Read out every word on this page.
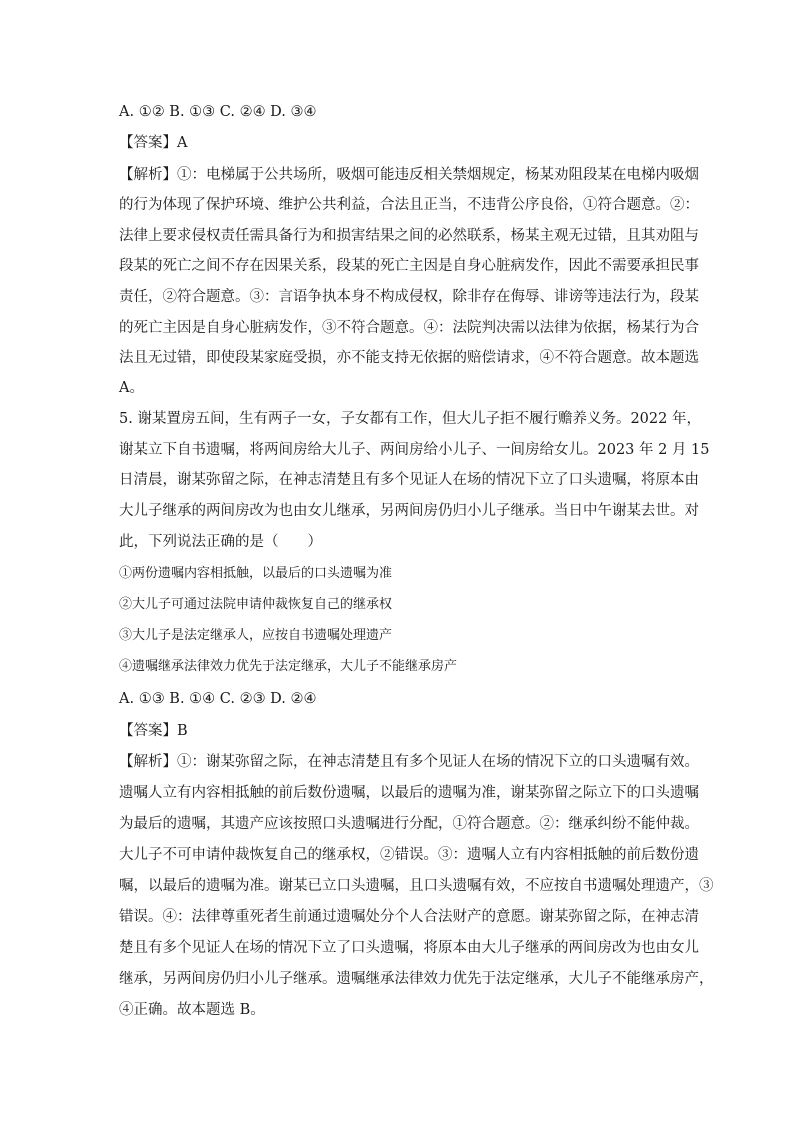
A. ①② B. ①③ C. ②④ D. ③④
【答案】A
【解析】①：电梯属于公共场所，吸烟可能违反相关禁烟规定，杨某劝阻段某在电梯内吸烟
的行为体现了保护环境、维护公共利益，合法且正当，不违背公序良俗，①符合题意。②：
法律上要求侵权责任需具备行为和损害结果之间的必然联系，杨某主观无过错，且其劝阻与
段某的死亡之间不存在因果关系，段某的死亡主因是自身心脏病发作，因此不需要承担民事
责任，②符合题意。③：言语争执本身不构成侵权，除非存在侮辱、诽谤等违法行为，段某
的死亡主因是自身心脏病发作，③不符合题意。④：法院判决需以法律为依据，杨某行为合
法且无过错，即使段某家庭受损，亦不能支持无依据的赔偿请求，④不符合题意。故本题选
A。
5. 谢某置房五间，生有两子一女，子女都有工作，但大儿子拒不履行赡养义务。2022 年，
谢某立下自书遗嘱，将两间房给大儿子、两间房给小儿子、一间房给女儿。2023 年 2 月 15
日清晨，谢某弥留之际，在神志清楚且有多个见证人在场的情况下立了口头遗嘱，将原本由
大儿子继承的两间房改为也由女儿继承，另两间房仍归小儿子继承。当日中午谢某去世。对
此，下列说法正确的是（　　）
①两份遗嘱内容相抵触，以最后的口头遗嘱为准
②大儿子可通过法院申请仲裁恢复自己的继承权
③大儿子是法定继承人，应按自书遗嘱处理遗产
④遗嘱继承法律效力优先于法定继承，大儿子不能继承房产
A. ①③ B. ①④ C. ②③ D. ②④
【答案】B
【解析】①：谢某弥留之际，在神志清楚且有多个见证人在场的情况下立的口头遗嘱有效。
遗嘱人立有内容相抵触的前后数份遗嘱，以最后的遗嘱为准，谢某弥留之际立下的口头遗嘱
为最后的遗嘱，其遗产应该按照口头遗嘱进行分配，①符合题意。②：继承纠纷不能仲裁。
大儿子不可申请仲裁恢复自己的继承权，②错误。③：遗嘱人立有内容相抵触的前后数份遗
嘱，以最后的遗嘱为准。谢某已立口头遗嘱，且口头遗嘱有效，不应按自书遗嘱处理遗产，③
错误。④：法律尊重死者生前通过遗嘱处分个人合法财产的意愿。谢某弥留之际，在神志清
楚且有多个见证人在场的情况下立了口头遗嘱，将原本由大儿子继承的两间房改为也由女儿
继承，另两间房仍归小儿子继承。遗嘱继承法律效力优先于法定继承，大儿子不能继承房产，
④正确。故本题选 B。
